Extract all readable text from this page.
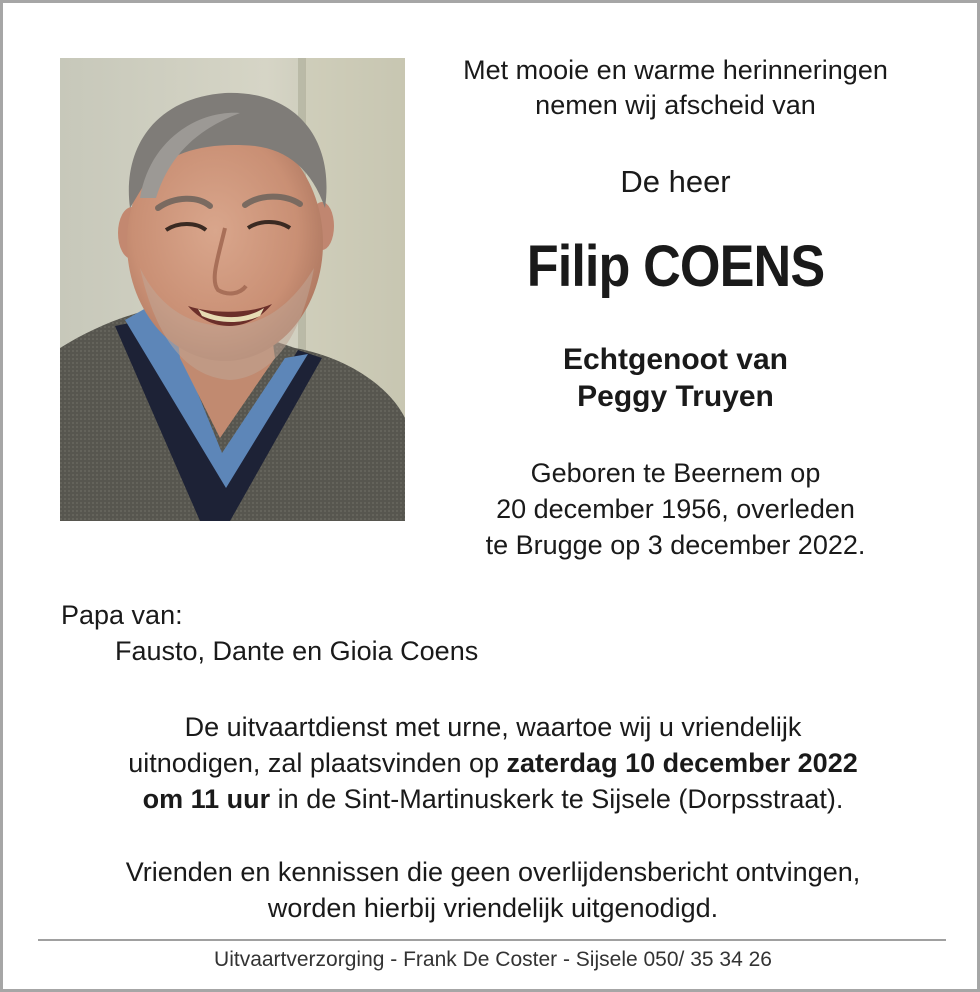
Met mooie en warme herinneringen
nemen wij afscheid van
De heer
Filip COENS
Echtgenoot van
Peggy Truyen
Geboren te Beernem op
20 december 1956, overleden
te Brugge op 3 december 2022.
Papa van:
Fausto, Dante en Gioia Coens
De uitvaartdienst met urne, waartoe wij u vriendelijk
uitnodigen, zal plaatsvinden op zaterdag 10 december 2022
om 11 uur in de Sint-Martinuskerk te Sijsele (Dorpsstraat).
Vrienden en kennissen die geen overlijdensbericht ontvingen,
worden hierbij vriendelijk uitgenodigd.
Uitvaartverzorging - Frank De Coster - Sijsele 050/ 35 34 26
